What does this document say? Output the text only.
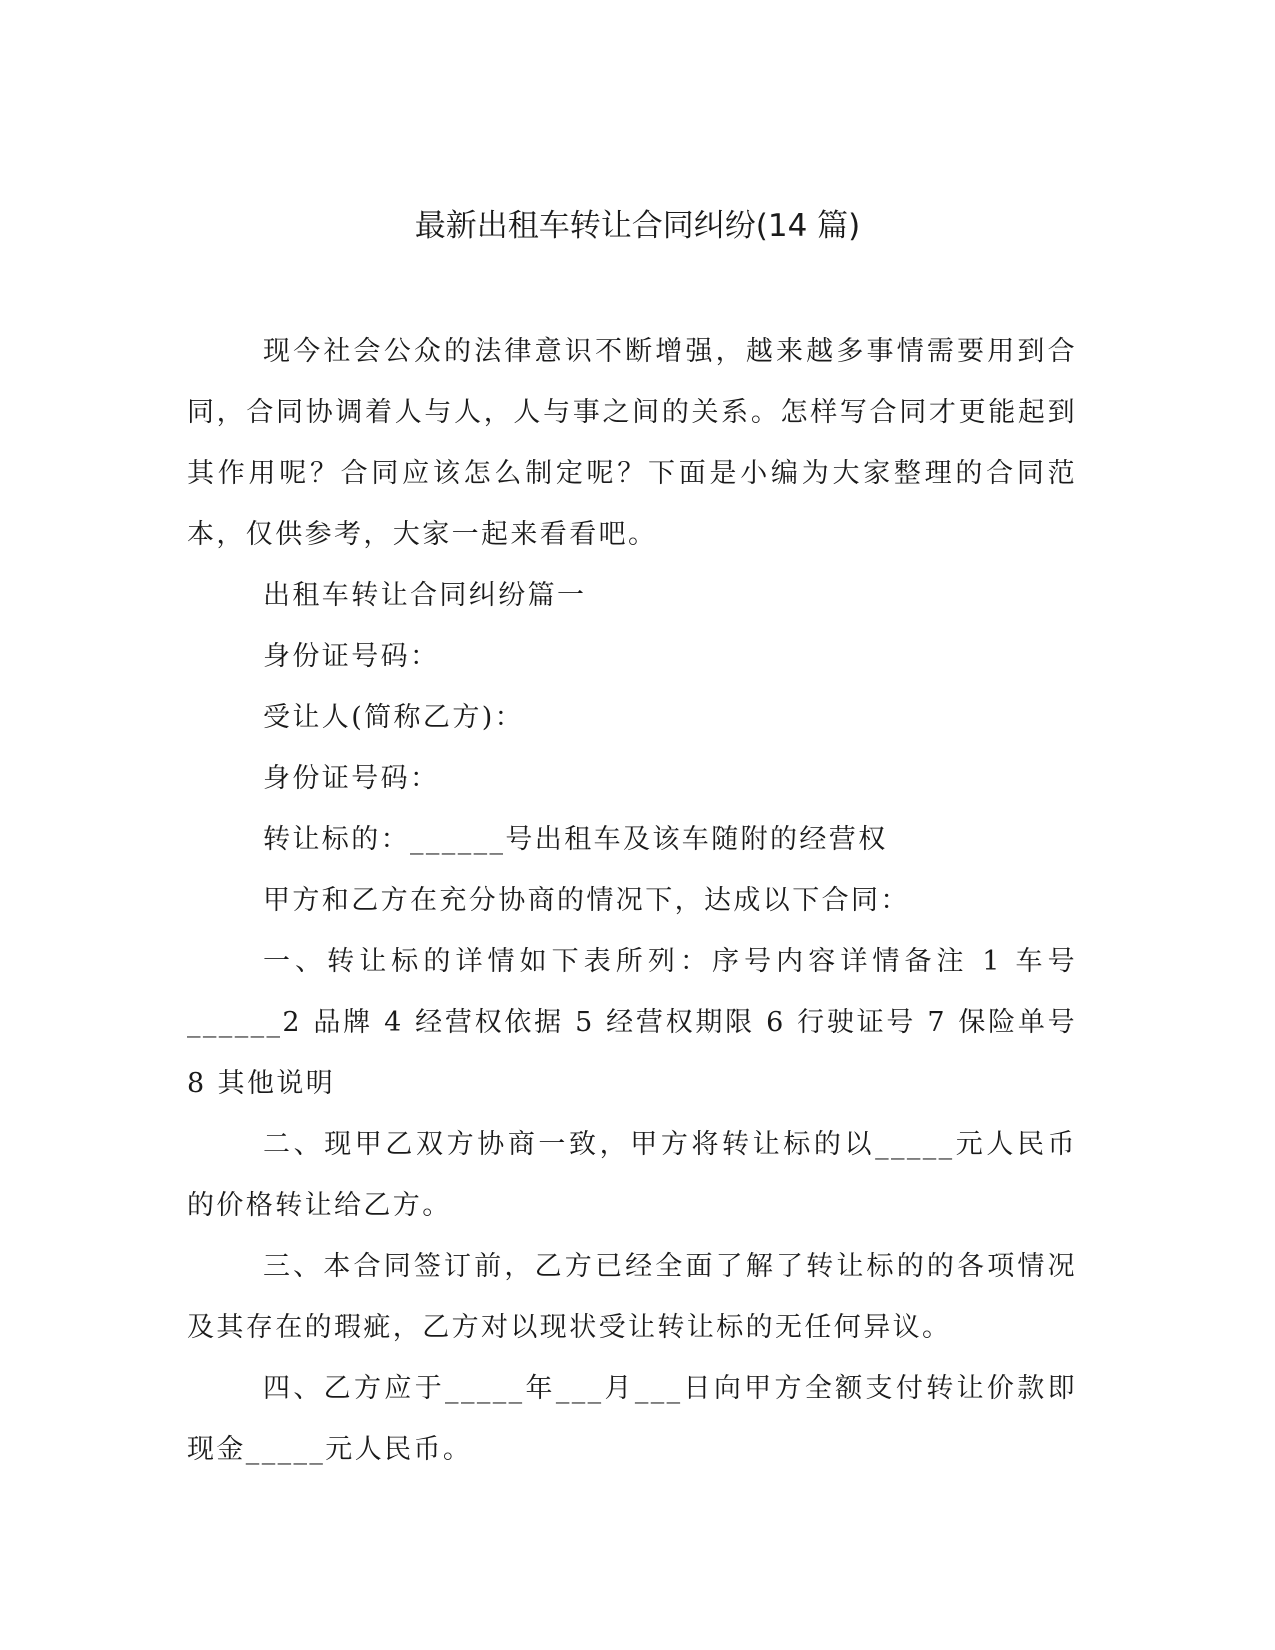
最新出租车转让合同纠纷(14 篇)

现今社会公众的法律意识不断增强，越来越多事情需要用到合同，合同协调着人与人，人与事之间的关系。怎样写合同才更能起到其作用呢？合同应该怎么制定呢？下面是小编为大家整理的合同范本，仅供参考，大家一起来看看吧。

出租车转让合同纠纷篇一

身份证号码：

受让人(简称乙方)：

身份证号码：

转让标的：______号出租车及该车随附的经营权

甲方和乙方在充分协商的情况下，达成以下合同：

一、转让标的详情如下表所列：序号内容详情备注 1 车号______2 品牌 4 经营权依据 5 经营权期限 6 行驶证号 7 保险单号 8 其他说明

二、现甲乙双方协商一致，甲方将转让标的以_____元人民币的价格转让给乙方。

三、本合同签订前，乙方已经全面了解了转让标的的各项情况及其存在的瑕疵，乙方对以现状受让转让标的无任何异议。

四、乙方应于_____年___月___日向甲方全额支付转让价款即现金_____元人民币。
